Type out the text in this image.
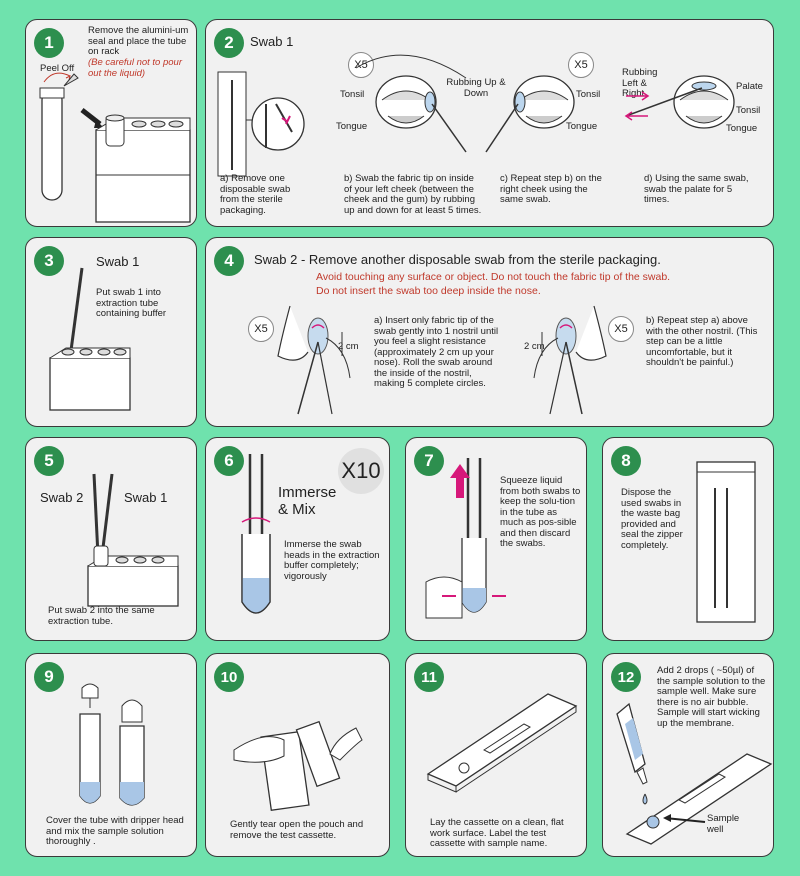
1
Remove the alumini-um seal and place the tube on rack
(Be careful not to pour out the liquid)
Peel Off
2	Swab 1
X5	X5
Tonsil
Tongue
Rubbing Up & Down	Tonsil
Tongue
Rubbing Left & Right
Palate
Tonsil
Tongue
a) Remove one disposable swab from the sterile packaging.
b) Swab the fabric tip on inside of your left cheek (between the cheek and the gum) by rubbing up and down for at least 5 times.
c) Repeat step b) on the right cheek using the same swab.
d) Using the same swab, swab the palate for 5 times.
3	Swab 1
Put swab 1 into extraction tube containing buffer
4	Swab 2 - Remove another disposable swab from the sterile packaging.
Avoid touching any surface or object. Do not touch the fabric tip of the swab.
Do not insert the swab too deep inside the nose.
X5	X5
2 cm	2 cm
a) Insert only fabric tip of the swab gently into 1 nostril until you feel a slight resistance (approximately 2 cm up your nose). Roll the swab around the inside of the nostril, making 5 complete circles.
b) Repeat step a) above with the other nostril. (This step can be a little uncomfortable, but it shouldn't be painful.)
5
Swab 2	Swab 1
Put swab 2 into the same extraction tube.
6	X10
Immerse & Mix
Immerse the swab heads in the extraction buffer completely; vigorously
7
Squeeze liquid from both swabs to keep the solu-tion in the tube as much as pos-sible and then discard the swabs.
8
Dispose the used swabs in the waste bag provided and seal the zipper completely.
9
Cover the tube with dripper head and mix the sample solution thoroughly .
10
Gently tear open the pouch and remove the test cassette.
11
Lay the cassette on a clean, flat work surface. Label the test cassette with sample name.
12	Add 2 drops ( ~50µl) of the sample solution to the sample well. Make sure there is no air bubble. Sample will start wicking up the membrane.
Sample well
